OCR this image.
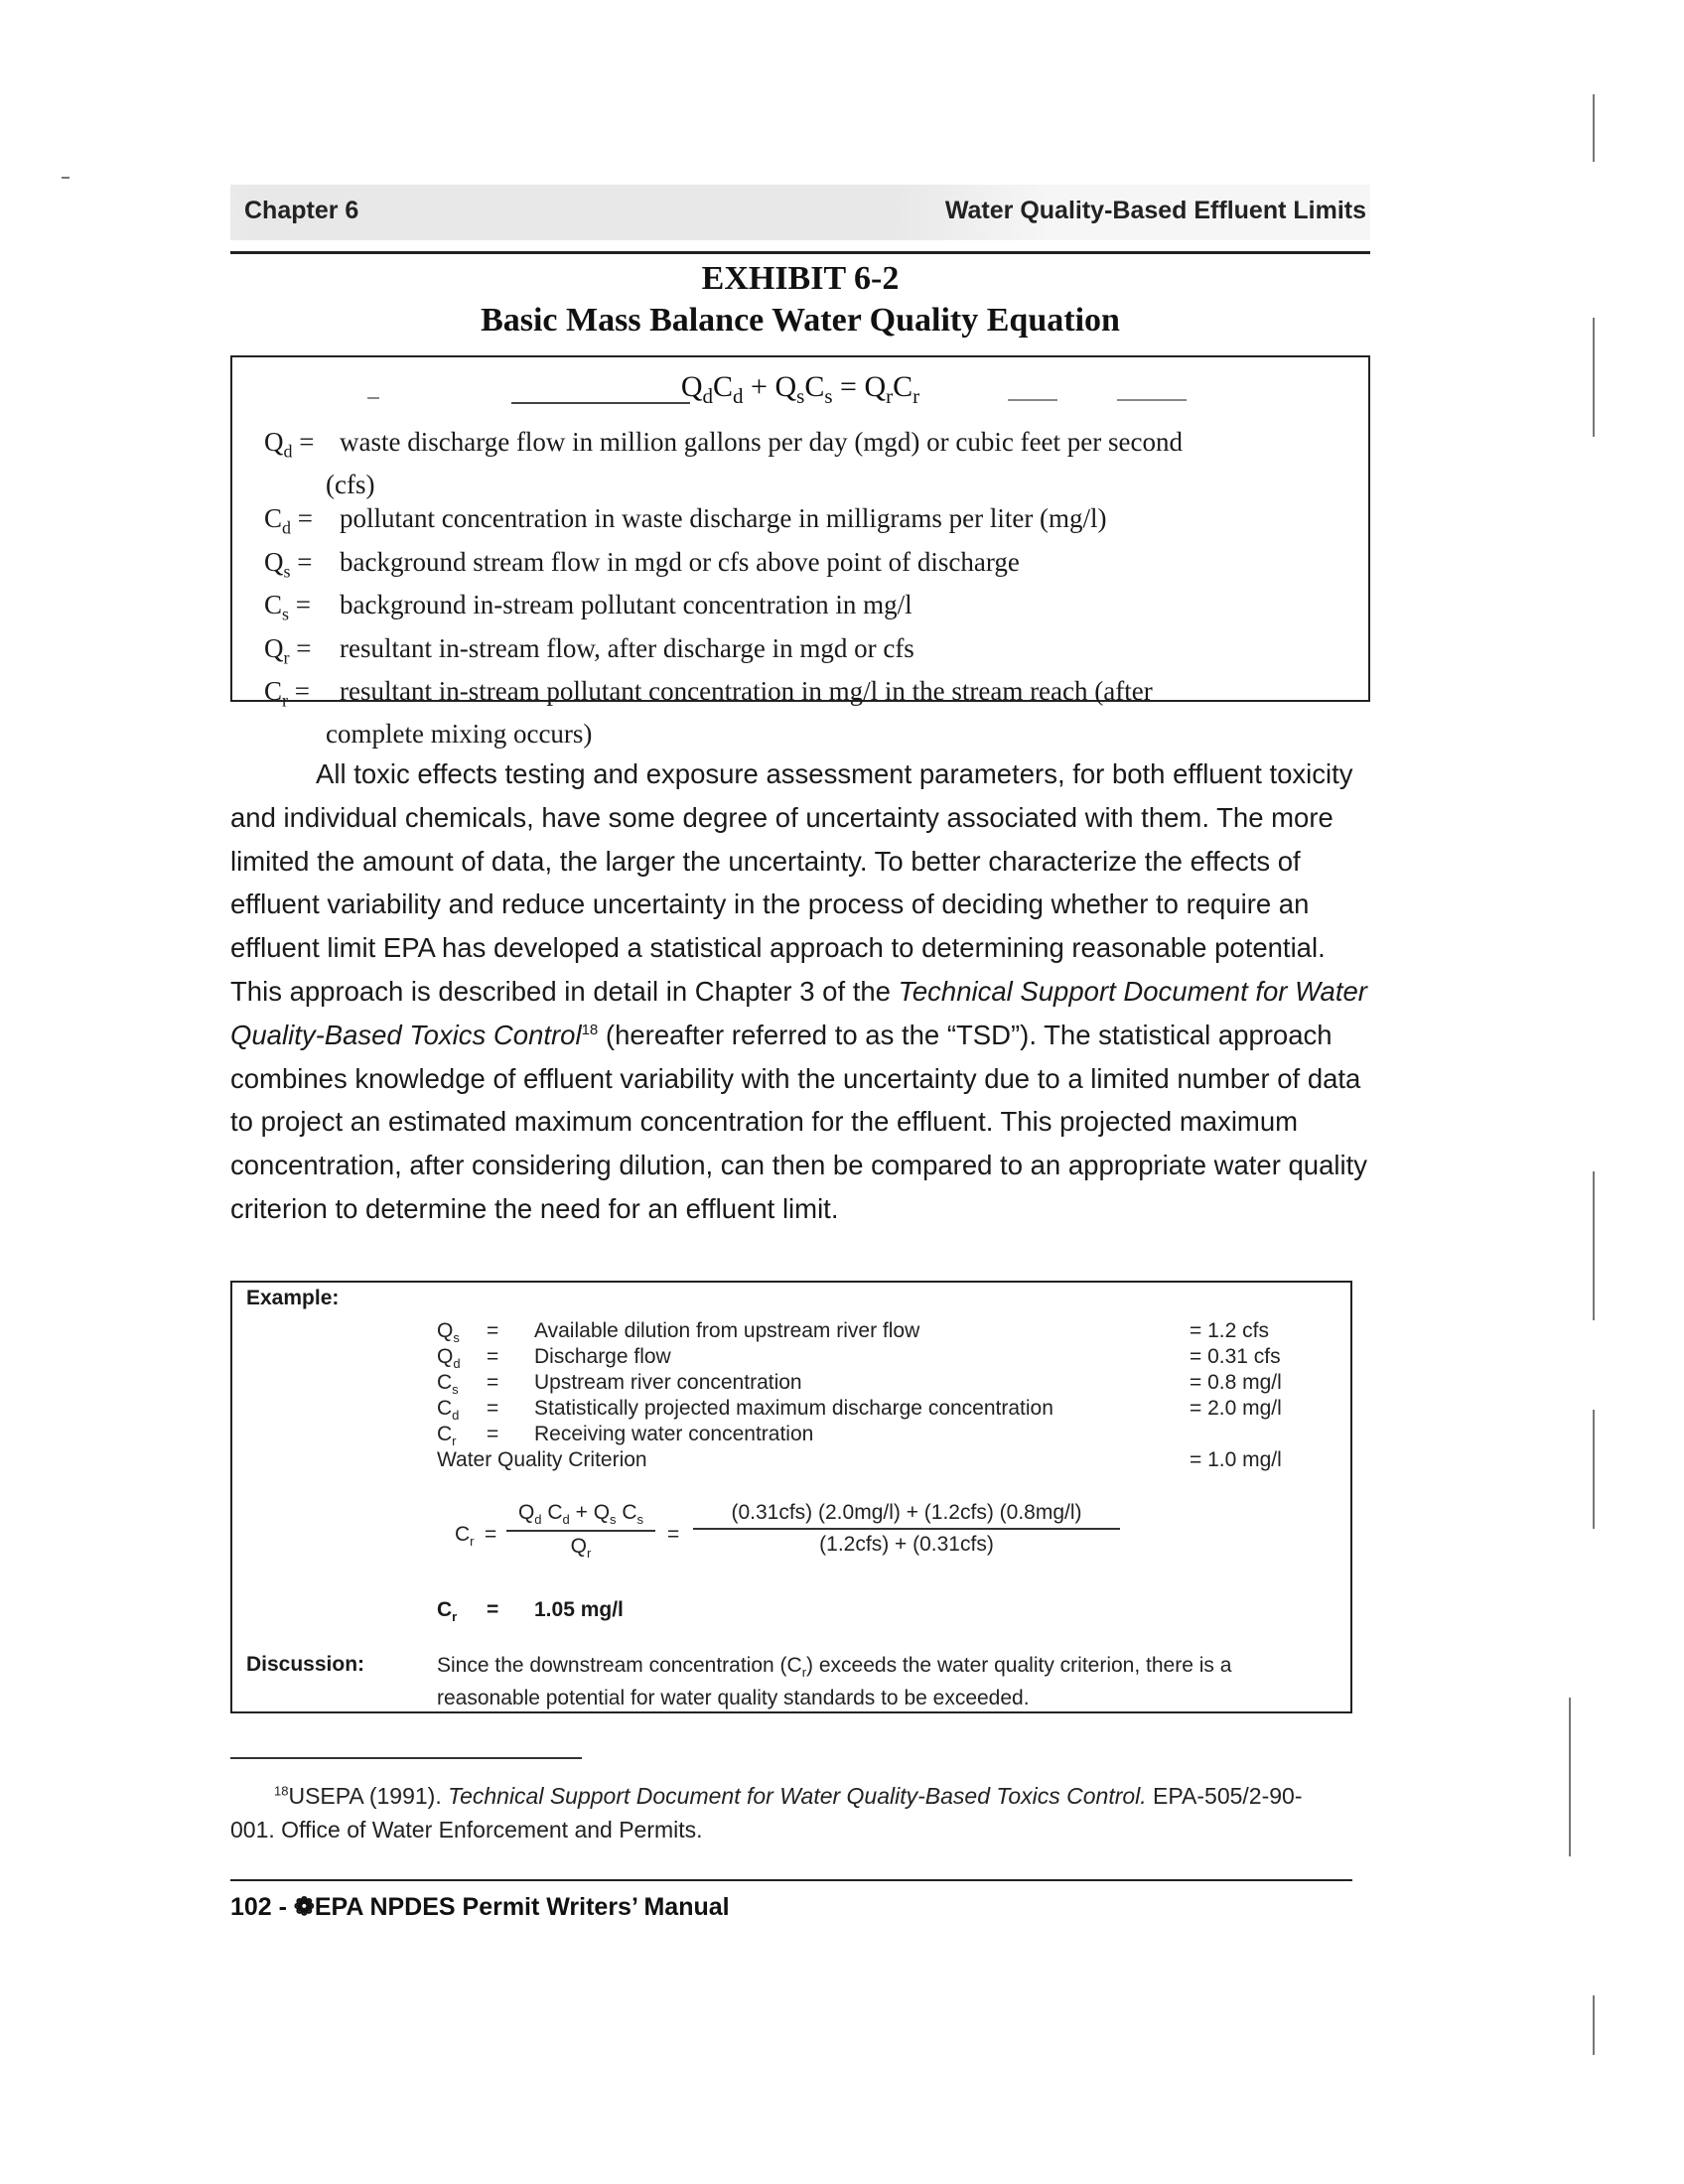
Chapter 6	Water Quality-Based Effluent Limits
EXHIBIT 6-2
Basic Mass Balance Water Quality Equation
$Q_dC_d + Q_sC_s = Q_rC_r$
$Q_d$ = waste discharge flow in million gallons per day (mgd) or cubic feet per second
(cfs)
$C_d$ =	pollutant concentration in waste discharge in milligrams per liter (mg/l)
$Q_s$ =	background stream flow in mgd or cfs above point of discharge
$C_s$ =	background in-stream pollutant concentration in mg/l
$Q_r$ =	resultant in-stream flow, after discharge in mgd or cfs
$C_r$ =	resultant in-stream pollutant concentration in mg/l in the stream reach (after
complete mixing occurs)
All toxic effects testing and exposure assessment parameters, for both effluent toxicity and individual chemicals, have some degree of uncertainty associated with them. The more limited the amount of data, the larger the uncertainty. To better characterize the effects of effluent variability and reduce uncertainty in the process of deciding whether to require an effluent limit EPA has developed a statistical approach to determining reasonable potential. This approach is described in detail in Chapter 3 of the Technical Support Document for Water Quality-Based Toxics Control$^{18}$ (hereafter referred to as the “TSD”). The statistical approach combines knowledge of effluent variability with the uncertainty due to a limited number of data to project an estimated maximum concentration for the effluent. This projected maximum concentration, after considering dilution, can then be compared to an appropriate water quality criterion to determine the need for an effluent limit.
Example:
$Q_s$	=	Available dilution from upstream river flow	= 1.2 cfs
$Q_d$	=	Discharge flow	= 0.31 cfs
$C_s$	=	Upstream river concentration	= 0.8 mg/l
$C_d$	=	Statistically projected maximum discharge concentration	= 2.0 mg/l
$C_r$	=	Receiving water concentration
Water Quality Criterion	= 1.0 mg/l
$C_r = \frac{Q_d C_d + Q_s C_s}{Q_r}$ =
(0.31cfs) (2.0mg/l) + (1.2cfs) (0.8mg/l)
(1.2cfs) + (0.31cfs)
$C_r$	=	1.05 mg/l
Discussion:	Since the downstream concentration $(C_r)$ exceeds the water quality criterion, there is a reasonable potential for water quality standards to be exceeded.
$^{18}$USEPA (1991). Technical Support Document for Water Quality-Based Toxics Control. EPA-505/2-90-001. Office of Water Enforcement and Permits.
102 - ❁EPA NPDES Permit Writers’ Manual
